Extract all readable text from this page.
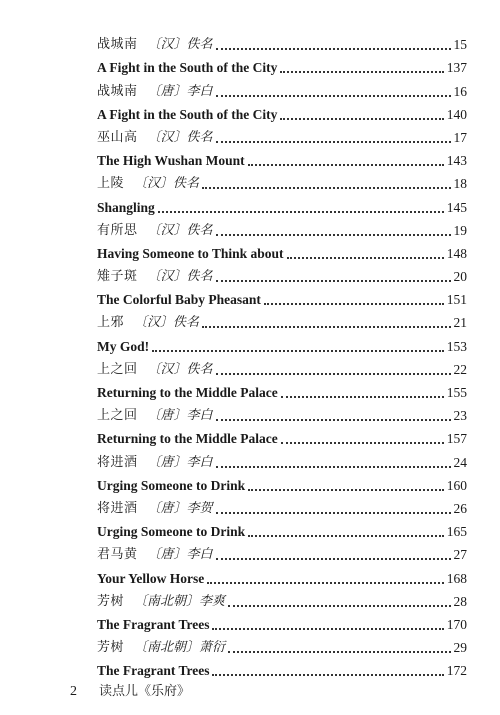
战城南 〔汉〕佚名	15
A Fight in the South of the City	137
战城南 〔唐〕李白	16
A Fight in the South of the City	140
巫山高 〔汉〕佚名	17
The High Wushan Mount	143
上陵 〔汉〕佚名	18
Shangling	145
有所思 〔汉〕佚名	19
Having Someone to Think about	148
雉子斑 〔汉〕佚名	20
The Colorful Baby Pheasant	151
上邪 〔汉〕佚名	21
My God!	153
上之回 〔汉〕佚名	22
Returning to the Middle Palace	155
上之回 〔唐〕李白	23
Returning to the Middle Palace	157
将进酒 〔唐〕李白	24
Urging Someone to Drink	160
将进酒 〔唐〕李贺	26
Urging Someone to Drink	165
君马黄 〔唐〕李白	27
Your Yellow Horse	168
芳树 〔南北朝〕李爽	28
The Fragrant Trees	170
芳树 〔南北朝〕萧衍	29
The Fragrant Trees	172
2 读点儿《乐府》
